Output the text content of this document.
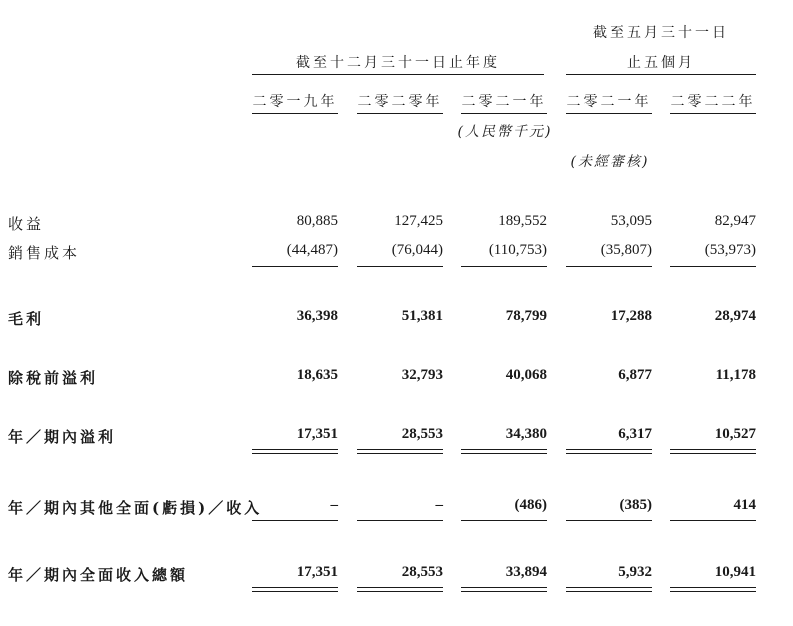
截至十二月三十一日止年度
截至五月三十一日
止五個月
二零一九年 二零二零年 二零二一年 二零二一年 二零二二年
(人民幣千元)
(未經審核)
收益	80,885	127,425	189,552	53,095	82,947
銷售成本	(44,487)	(76,044)	(110,753)	(35,807)	(53,973)
毛利	36,398	51,381	78,799	17,288	28,974
除稅前溢利	18,635	32,793	40,068	6,877	11,178
年／期內溢利	17,351	28,553	34,380	6,317	10,527
年／期內其他全面(虧損)／收入	–	–	(486)	(385)	414
年／期內全面收入總額	17,351	28,553	33,894	5,932	10,941
